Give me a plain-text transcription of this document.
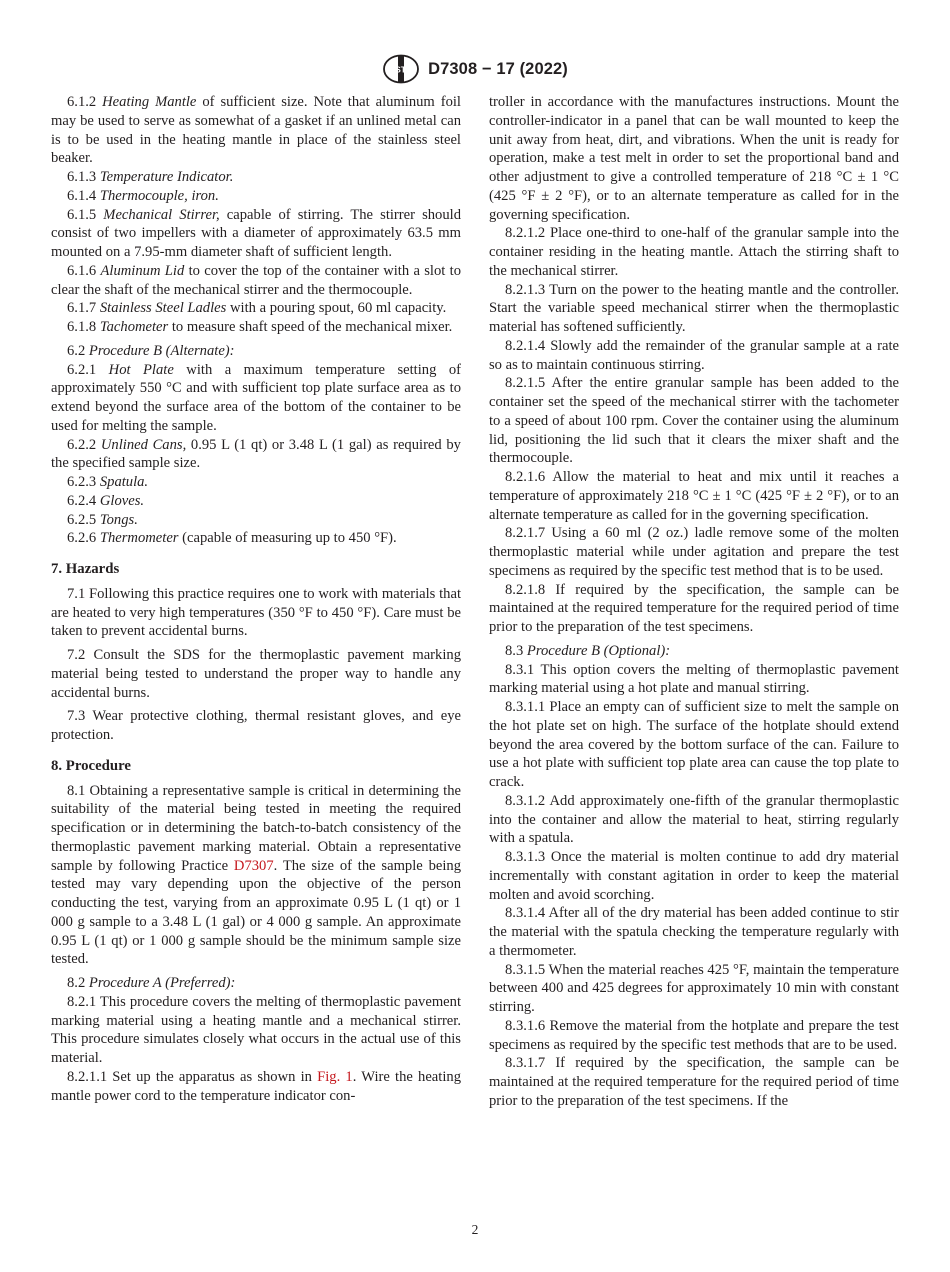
ASTM D7308 − 17 (2022)
6.1.2 Heating Mantle of sufficient size. Note that aluminum foil may be used to serve as somewhat of a gasket if an unlined metal can is to be used in the heating mantle in place of the stainless steel beaker.
6.1.3 Temperature Indicator.
6.1.4 Thermocouple, iron.
6.1.5 Mechanical Stirrer, capable of stirring. The stirrer should consist of two impellers with a diameter of approximately 63.5 mm mounted on a 7.95-mm diameter shaft of sufficient length.
6.1.6 Aluminum Lid to cover the top of the container with a slot to clear the shaft of the mechanical stirrer and the thermocouple.
6.1.7 Stainless Steel Ladles with a pouring spout, 60 ml capacity.
6.1.8 Tachometer to measure shaft speed of the mechanical mixer.
6.2 Procedure B (Alternate):
6.2.1 Hot Plate with a maximum temperature setting of approximately 550 °C and with sufficient top plate surface area as to extend beyond the surface area of the bottom of the container to be used for melting the sample.
6.2.2 Unlined Cans, 0.95 L (1 qt) or 3.48 L (1 gal) as required by the specified sample size.
6.2.3 Spatula.
6.2.4 Gloves.
6.2.5 Tongs.
6.2.6 Thermometer (capable of measuring up to 450 °F).
7. Hazards
7.1 Following this practice requires one to work with materials that are heated to very high temperatures (350 °F to 450 °F). Care must be taken to prevent accidental burns.
7.2 Consult the SDS for the thermoplastic pavement marking material being tested to understand the proper way to handle any accidental burns.
7.3 Wear protective clothing, thermal resistant gloves, and eye protection.
8. Procedure
8.1 Obtaining a representative sample is critical in determining the suitability of the material being tested in meeting the required specification or in determining the batch-to-batch consistency of the thermoplastic pavement marking material. Obtain a representative sample by following Practice D7307. The size of the sample being tested may vary depending upon the objective of the person conducting the test, varying from an approximate 0.95 L (1 qt) or 1 000 g sample to a 3.48 L (1 gal) or 4 000 g sample. An approximate 0.95 L (1 qt) or 1 000 g sample should be the minimum sample size tested.
8.2 Procedure A (Preferred):
8.2.1 This procedure covers the melting of thermoplastic pavement marking material using a heating mantle and a mechanical stirrer. This procedure simulates closely what occurs in the actual use of this material.
8.2.1.1 Set up the apparatus as shown in Fig. 1. Wire the heating mantle power cord to the temperature indicator con-
troller in accordance with the manufactures instructions. Mount the controller-indicator in a panel that can be wall mounted to keep the unit away from heat, dirt, and vibrations. When the unit is ready for operation, make a test melt in order to set the proportional band and other adjustment to give a controlled temperature of 218 °C ± 1 °C (425 °F ± 2 °F), or to an alternate temperature as called for in the governing specification.
8.2.1.2 Place one-third to one-half of the granular sample into the container residing in the heating mantle. Attach the stirring shaft to the mechanical stirrer.
8.2.1.3 Turn on the power to the heating mantle and the controller. Start the variable speed mechanical stirrer when the thermoplastic material has softened sufficiently.
8.2.1.4 Slowly add the remainder of the granular sample at a rate so as to maintain continuous stirring.
8.2.1.5 After the entire granular sample has been added to the container set the speed of the mechanical stirrer with the tachometer to a speed of about 100 rpm. Cover the container using the aluminum lid, positioning the lid such that it clears the mixer shaft and the thermocouple.
8.2.1.6 Allow the material to heat and mix until it reaches a temperature of approximately 218 °C ± 1 °C (425 °F ± 2 °F), or to an alternate temperature as called for in the governing specification.
8.2.1.7 Using a 60 ml (2 oz.) ladle remove some of the molten thermoplastic material while under agitation and prepare the test specimens as required by the specific test method that is to be used.
8.2.1.8 If required by the specification, the sample can be maintained at the required temperature for the required period of time prior to the preparation of the test specimens.
8.3 Procedure B (Optional):
8.3.1 This option covers the melting of thermoplastic pavement marking material using a hot plate and manual stirring.
8.3.1.1 Place an empty can of sufficient size to melt the sample on the hot plate set on high. The surface of the hotplate should extend beyond the area covered by the bottom surface of the can. Failure to use a hot plate with sufficient top plate area can cause the top plate to crack.
8.3.1.2 Add approximately one-fifth of the granular thermoplastic into the container and allow the material to heat, stirring regularly with a spatula.
8.3.1.3 Once the material is molten continue to add dry material incrementally with constant agitation in order to keep the material molten and avoid scorching.
8.3.1.4 After all of the dry material has been added continue to stir the material with the spatula checking the temperature regularly with a thermometer.
8.3.1.5 When the material reaches 425 °F, maintain the temperature between 400 and 425 degrees for approximately 10 min with constant stirring.
8.3.1.6 Remove the material from the hotplate and prepare the test specimens as required by the specific test methods that are to be used.
8.3.1.7 If required by the specification, the sample can be maintained at the required temperature for the required period of time prior to the preparation of the test specimens. If the
2
